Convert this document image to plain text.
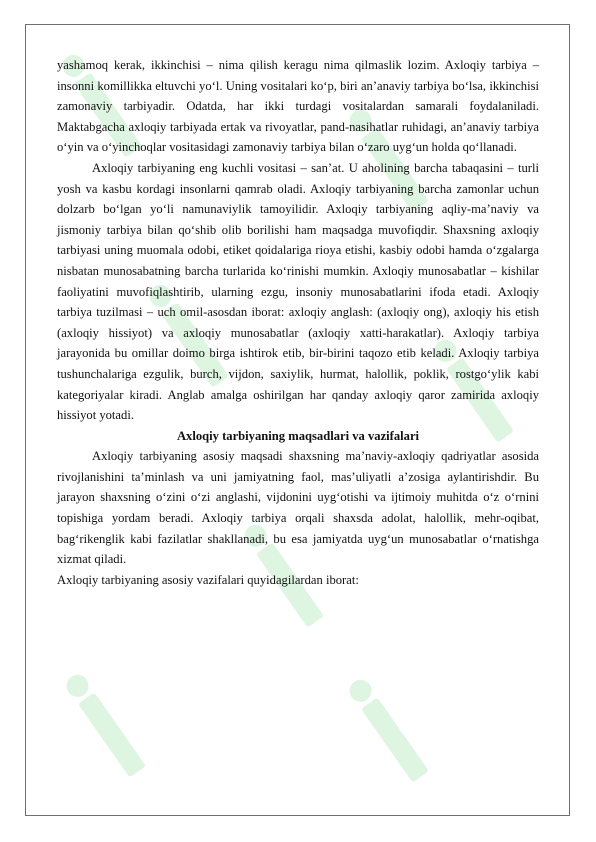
yashamoq kerak, ikkinchisi – nima qilish keragu nima qilmaslik lozim. Axloqiy tarbiya – insonni komillikka eltuvchi yo‘l. Uning vositalari ko‘p, biri an’anaviy tarbiya bo‘lsa, ikkinchisi zamonaviy tarbiyadir. Odatda, har ikki turdagi vositalardan samarali foydalaniladi. Maktabgacha axloqiy tarbiyada ertak va rivoyatlar, pand-nasihatlar ruhidagi, an’anaviy tarbiya o‘yin va o‘yinchoqlar vositasidagi zamonaviy tarbiya bilan o‘zaro uyg‘un holda qo‘llanadi.

Axloqiy tarbiyaning eng kuchli vositasi – san’at. U aholining barcha tabaqasini – turli yosh va kasbu kordagi insonlarni qamrab oladi. Axloqiy tarbiyaning barcha zamonlar uchun dolzarb bo‘lgan yo‘li namunaviylik tamoyilidir. Axloqiy tarbiyaning aqliy-ma’naviy va jismoniy tarbiya bilan qo‘shib olib borilishi ham maqsadga muvofiqdir. Shaxsning axloqiy tarbiyasi uning muomala odobi, etiket qoidalariga rioya etishi, kasbiy odobi hamda o‘zgalarga nisbatan munosabatning barcha turlarida ko‘rinishi mumkin. Axloqiy munosabatlar – kishilar faoliyatini muvofiqlashtirib, ularning ezgu, insoniy munosabatlarini ifoda etadi. Axloqiy tarbiya tuzilmasi – uch omil-asosdan iborat: axloqiy anglash: (axloqiy ong), axloqiy his etish (axloqiy hissiyot) va axloqiy munosabatlar (axloqiy xatti-harakatlar). Axloqiy tarbiya jarayonida bu omillar doimo birga ishtirok etib, bir-birini taqozo etib keladi. Axloqiy tarbiya tushunchalariga ezgulik, burch, vijdon, saxiylik, hurmat, halollik, poklik, rostgo‘ylik kabi kategoriyalar kiradi. Anglab amalga oshirilgan har qanday axloqiy qaror zamirida axloqiy hissiyot yotadi.

Axloqiy tarbiyaning maqsadlari va vazifalari

Axloqiy tarbiyaning asosiy maqsadi shaxsning ma’naviy-axloqiy qadriyatlar asosida rivojlanishini ta’minlash va uni jamiyatning faol, mas’uliyatli a’zosiga aylantirishdir. Bu jarayon shaxsning o‘zini o‘zi anglashi, vijdonini uyg‘otishi va ijtimoiy muhitda o‘z o‘rnini topishiga yordam beradi. Axloqiy tarbiya orqali shaxsda adolat, halollik, mehr-oqibat, bag‘rikenglik kabi fazilatlar shakllanadi, bu esa jamiyatda uyg‘un munosabatlar o‘rnatishga xizmat qiladi.

Axloqiy tarbiyaning asosiy vazifalari quyidagilardan iborat:
